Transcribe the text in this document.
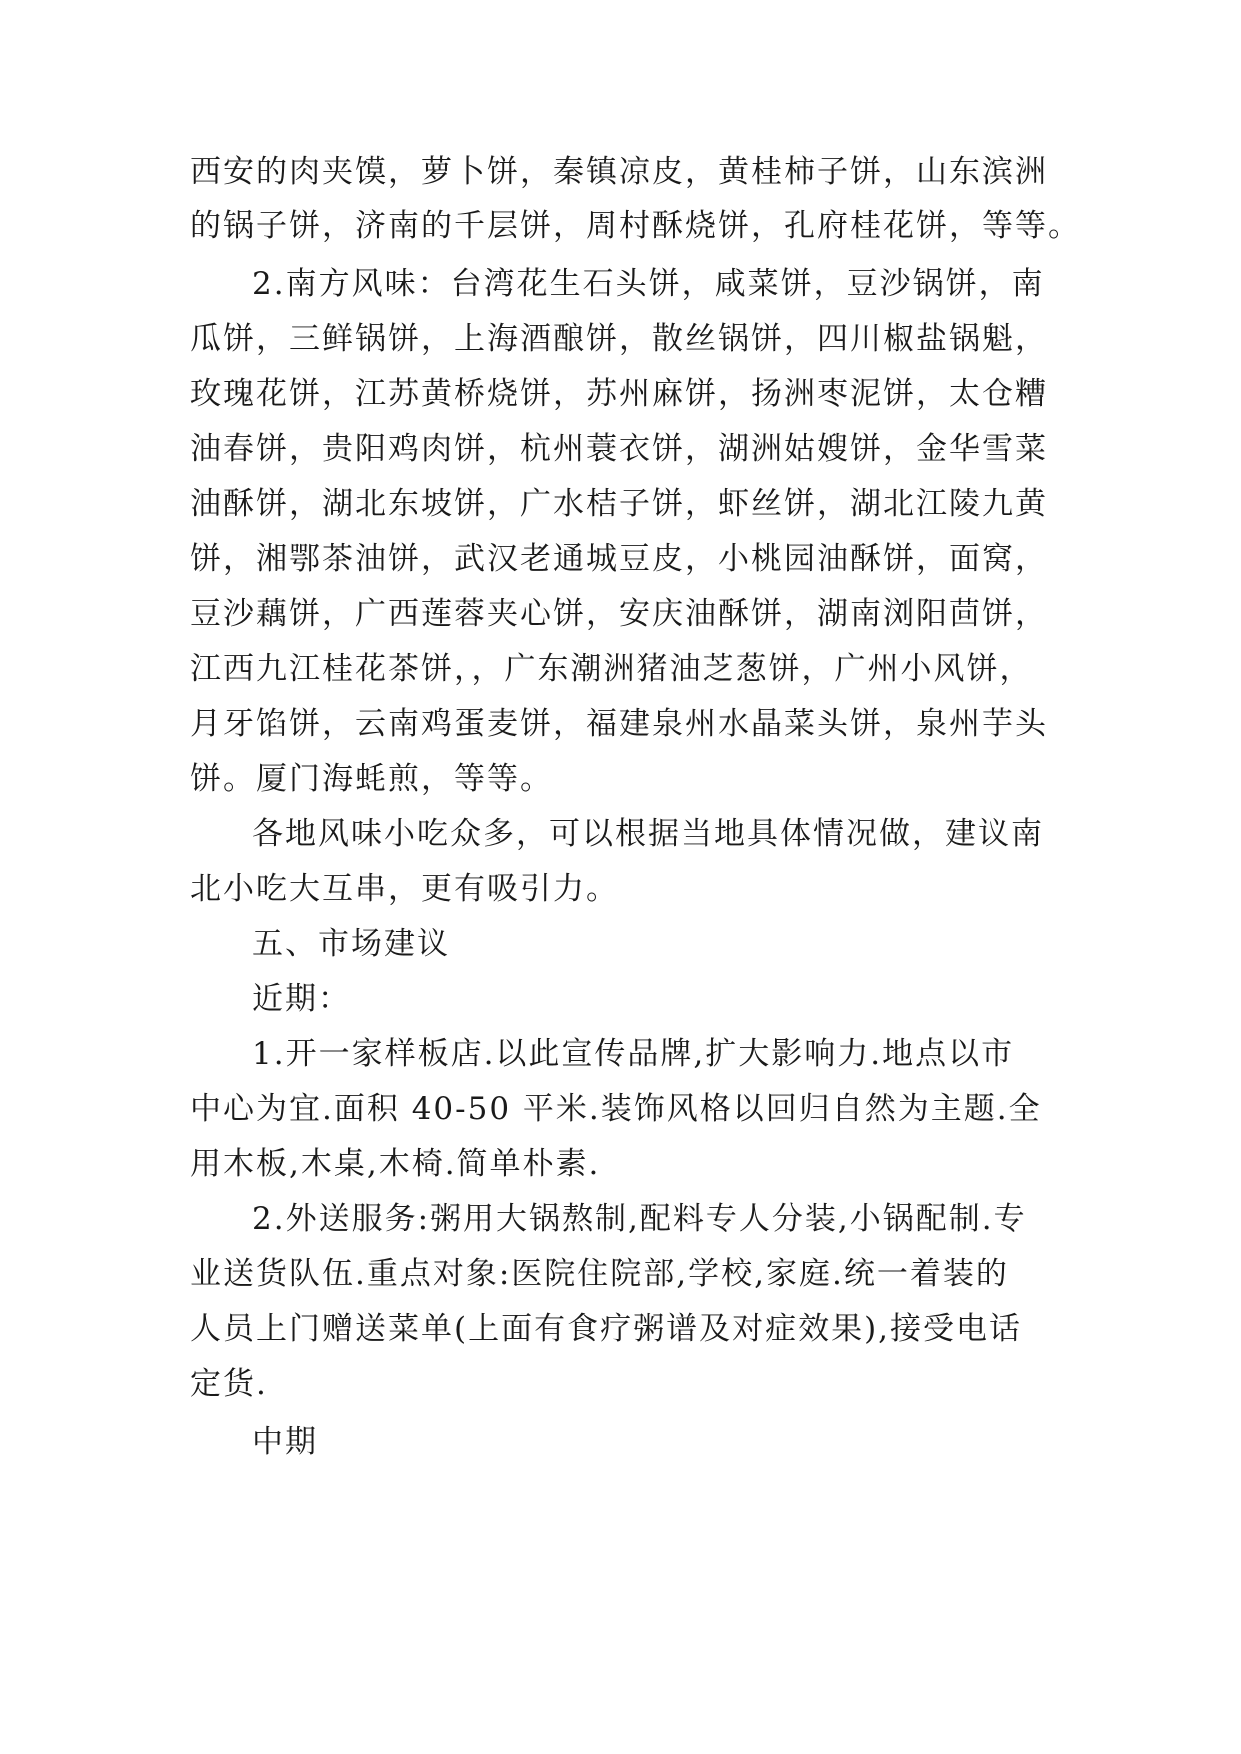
西安的肉夹馍，萝卜饼，秦镇凉皮，黄桂柿子饼，山东滨洲
的锅子饼，济南的千层饼，周村酥烧饼，孔府桂花饼，等等。
2.南方风味：台湾花生石头饼，咸菜饼，豆沙锅饼，南
瓜饼，三鲜锅饼，上海酒酿饼，散丝锅饼，四川椒盐锅魁，
玫瑰花饼，江苏黄桥烧饼，苏州麻饼，扬洲枣泥饼，太仓糟
油春饼，贵阳鸡肉饼，杭州蓑衣饼，湖洲姑嫂饼，金华雪菜
油酥饼，湖北东坡饼，广水桔子饼，虾丝饼，湖北江陵九黄
饼，湘鄂茶油饼，武汉老通城豆皮，小桃园油酥饼，面窝，
豆沙藕饼，广西莲蓉夹心饼，安庆油酥饼，湖南浏阳茴饼，
江西九江桂花茶饼，，广东潮洲猪油芝葱饼，广州小风饼，
月牙馅饼，云南鸡蛋麦饼，福建泉州水晶菜头饼，泉州芋头
饼。厦门海蚝煎，等等。
各地风味小吃众多，可以根据当地具体情况做，建议南
北小吃大互串，更有吸引力。
五、市场建议
近期：
1.开一家样板店.以此宣传品牌,扩大影响力.地点以市
中心为宜.面积 40-50 平米.装饰风格以回归自然为主题.全
用木板,木桌,木椅.简单朴素.
2.外送服务:粥用大锅熬制,配料专人分装,小锅配制.专
业送货队伍.重点对象:医院住院部,学校,家庭.统一着装的
人员上门赠送菜单(上面有食疗粥谱及对症效果),接受电话
定货.
中期
